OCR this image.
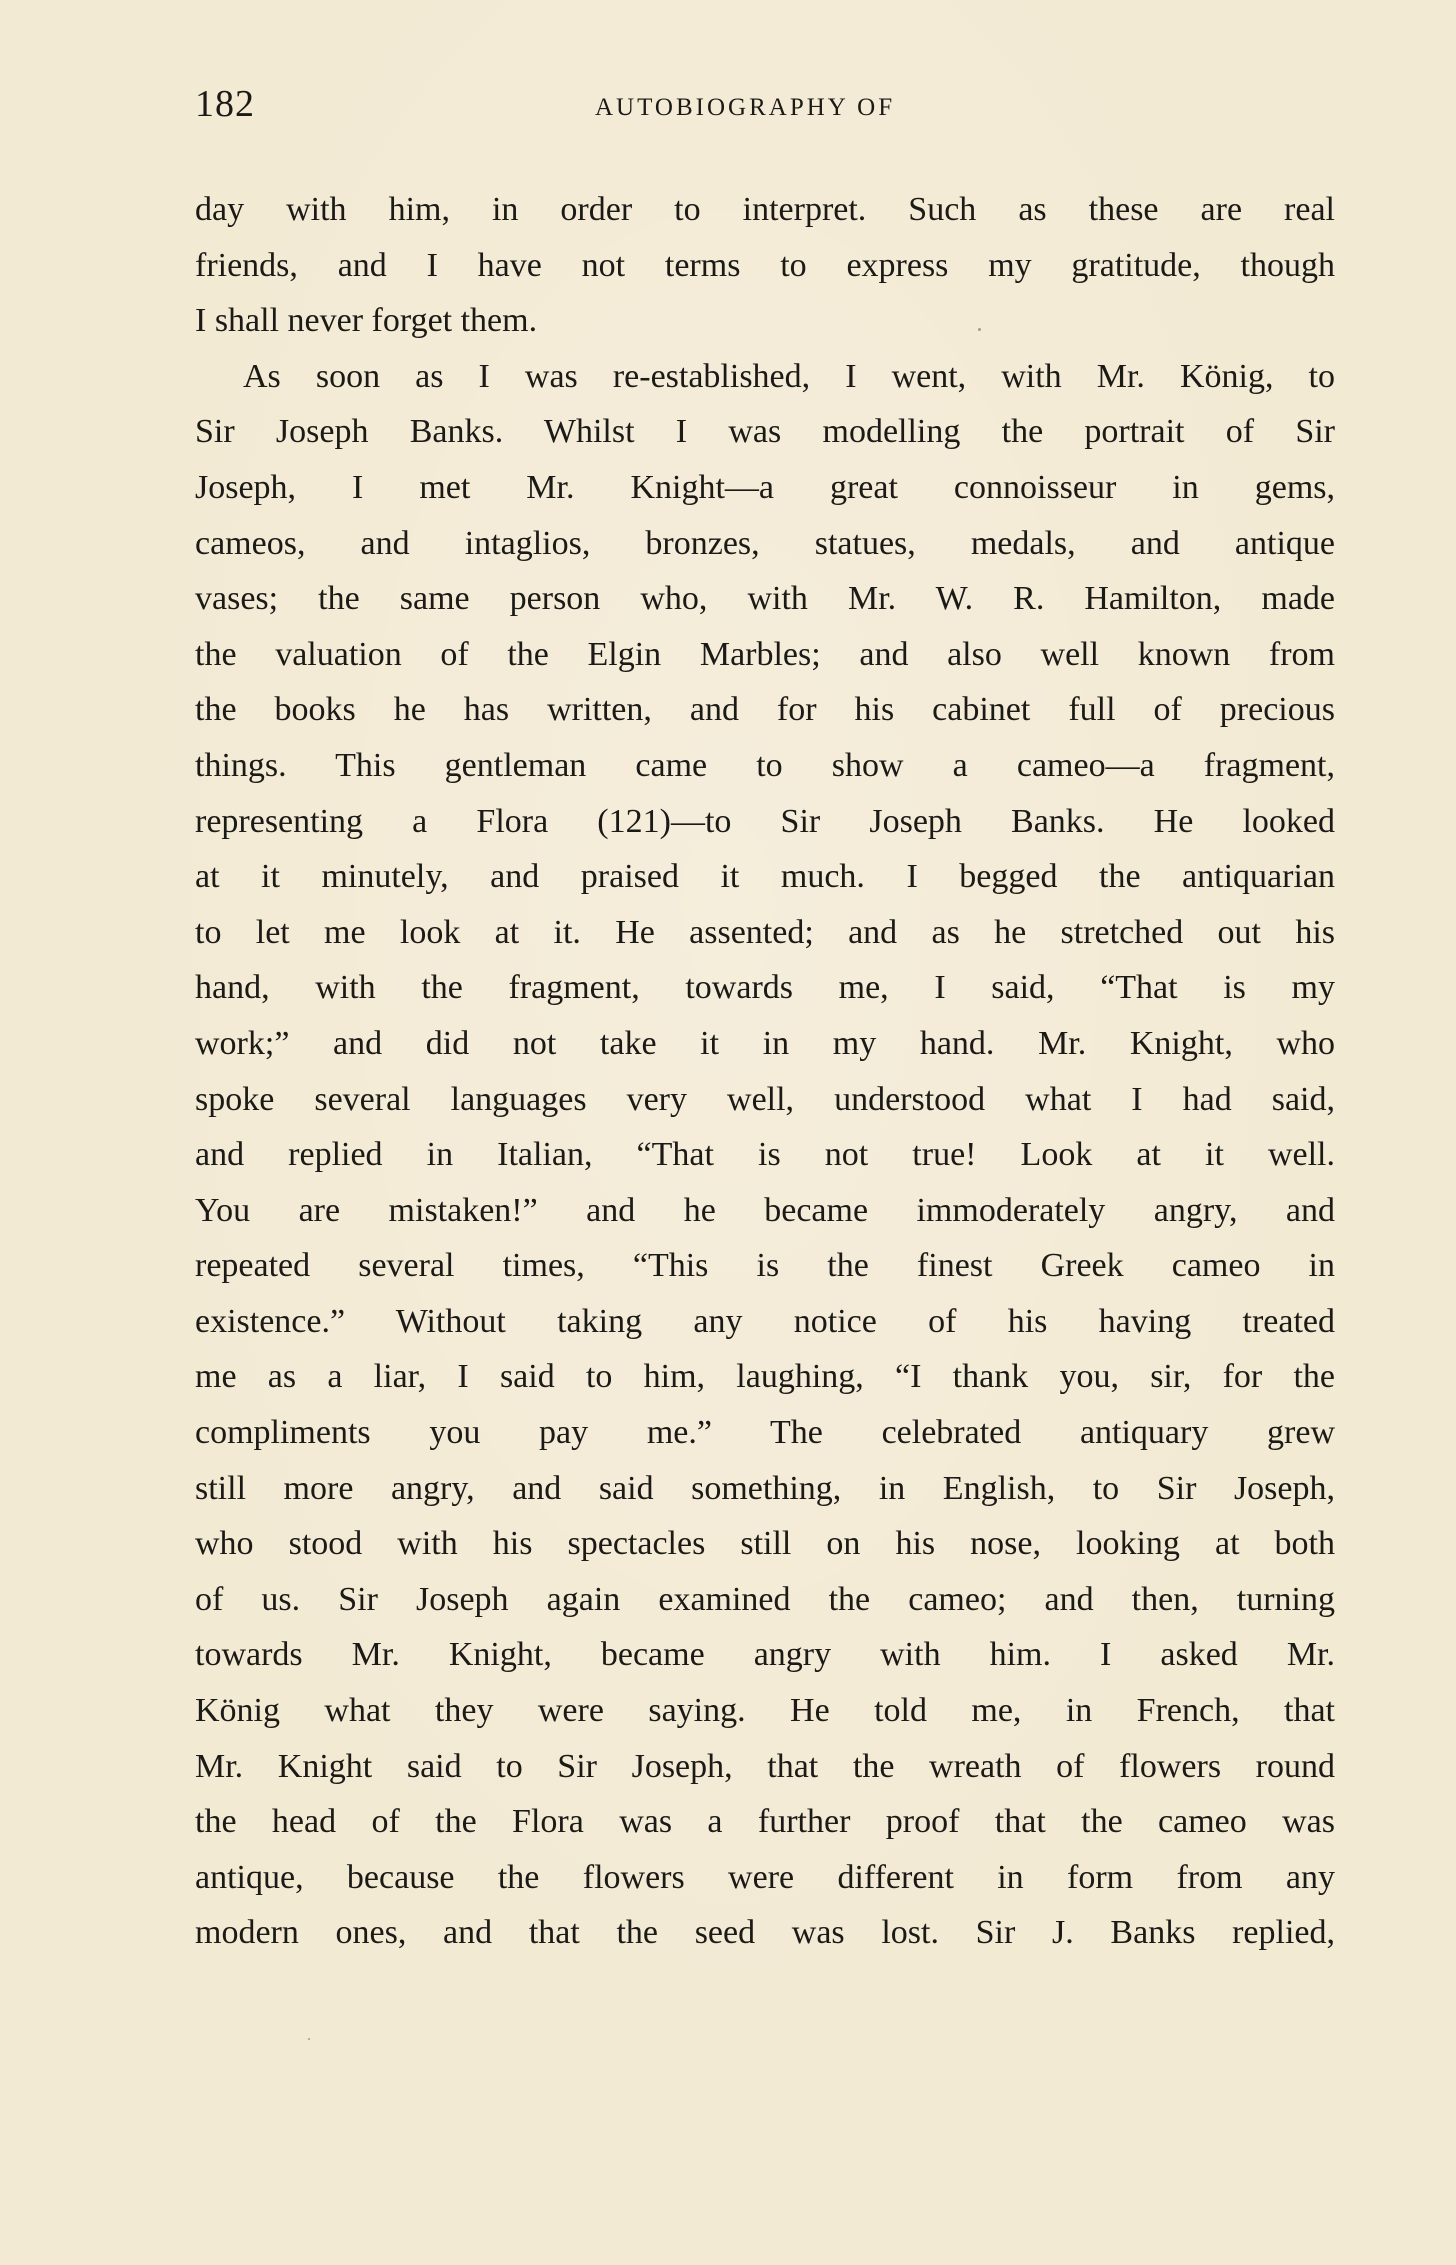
182	AUTOBIOGRAPHY OF
day with him, in order to interpret. Such as these are real
friends, and I have not terms to express my gratitude, though
I shall never forget them.
As soon as I was re-established, I went, with Mr. König, to
Sir Joseph Banks. Whilst I was modelling the portrait of Sir
Joseph, I met Mr. Knight—a great connoisseur in gems,
cameos, and intaglios, bronzes, statues, medals, and antique
vases; the same person who, with Mr. W. R. Hamilton, made
the valuation of the Elgin Marbles; and also well known from
the books he has written, and for his cabinet full of precious
things. This gentleman came to show a cameo—a fragment,
representing a Flora (121)—to Sir Joseph Banks. He looked
at it minutely, and praised it much. I begged the antiquarian
to let me look at it. He assented; and as he stretched out his
hand, with the fragment, towards me, I said, “That is my
work;” and did not take it in my hand. Mr. Knight, who
spoke several languages very well, understood what I had said,
and replied in Italian, “That is not true! Look at it well.
You are mistaken!” and he became immoderately angry, and
repeated several times, “This is the finest Greek cameo in
existence.” Without taking any notice of his having treated
me as a liar, I said to him, laughing, “I thank you, sir, for the
compliments you pay me.” The celebrated antiquary grew
still more angry, and said something, in English, to Sir Joseph,
who stood with his spectacles still on his nose, looking at both
of us. Sir Joseph again examined the cameo; and then, turning
towards Mr. Knight, became angry with him. I asked Mr.
König what they were saying. He told me, in French, that
Mr. Knight said to Sir Joseph, that the wreath of flowers round
the head of the Flora was a further proof that the cameo was
antique, because the flowers were different in form from any
modern ones, and that the seed was lost. Sir J. Banks replied,
